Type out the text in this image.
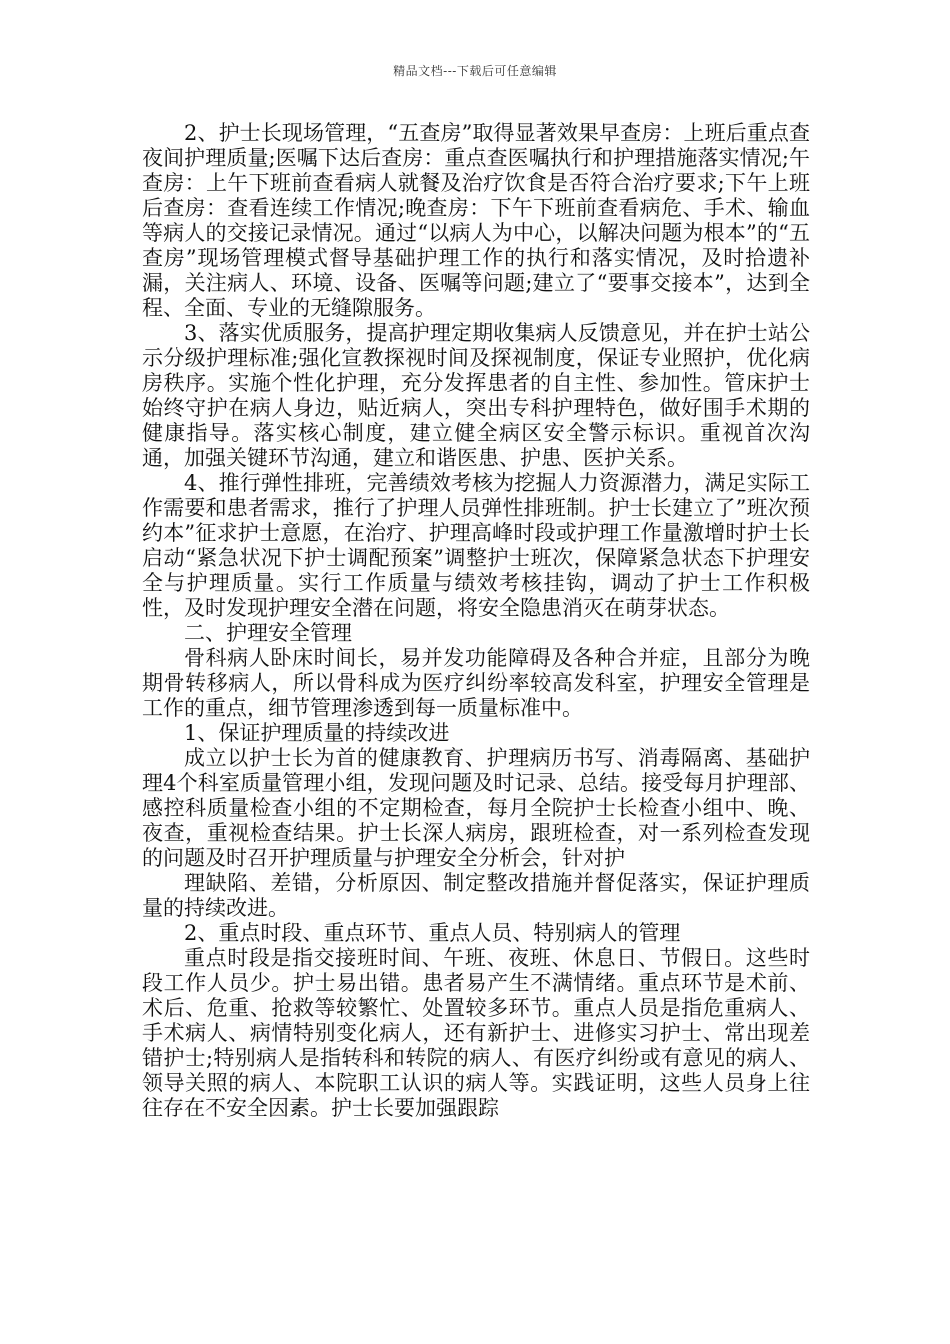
精品文档---下载后可任意编辑

2、护士长现场管理，“五查房”取得显著效果早查房：上班后重点查夜间护理质量;医嘱下达后查房：重点查医嘱执行和护理措施落实情况;午查房：上午下班前查看病人就餐及治疗饮食是否符合治疗要求;下午上班后查房：查看连续工作情况;晚查房：下午下班前查看病危、手术、输血等病人的交接记录情况。通过“以病人为中心，以解决问题为根本”的“五查房”现场管理模式督导基础护理工作的执行和落实情况，及时拾遗补漏，关注病人、环境、设备、医嘱等问题;建立了“要事交接本”，达到全程、全面、专业的无缝隙服务。

3、落实优质服务，提高护理定期收集病人反馈意见，并在护士站公示分级护理标准;强化宣教探视时间及探视制度，保证专业照护，优化病房秩序。实施个性化护理，充分发挥患者的自主性、参加性。管床护士始终守护在病人身边，贴近病人，突出专科护理特色，做好围手术期的健康指导。落实核心制度，建立健全病区安全警示标识。重视首次沟通，加强关键环节沟通，建立和谐医患、护患、医护关系。

4、推行弹性排班，完善绩效考核为挖掘人力资源潜力，满足实际工作需要和患者需求，推行了护理人员弹性排班制。护士长建立了”班次预约本”征求护士意愿，在治疗、护理高峰时段或护理工作量激增时护士长启动“紧急状况下护士调配预案”调整护士班次，保障紧急状态下护理安全与护理质量。实行工作质量与绩效考核挂钩，调动了护士工作积极性，及时发现护理安全潜在问题，将安全隐患消灭在萌芽状态。

二、护理安全管理

骨科病人卧床时间长，易并发功能障碍及各种合并症，且部分为晚期骨转移病人，所以骨科成为医疗纠纷率较高发科室，护理安全管理是工作的重点，细节管理渗透到每一质量标准中。

1、保证护理质量的持续改进

成立以护士长为首的健康教育、护理病历书写、消毒隔离、基础护理4个科室质量管理小组，发现问题及时记录、总结。接受每月护理部、感控科质量检查小组的不定期检查，每月全院护士长检查小组中、晚、夜查，重视检查结果。护士长深人病房，跟班检查，对一系列检查发现的问题及时召开护理质量与护理安全分析会，针对护

理缺陷、差错，分析原因、制定整改措施并督促落实，保证护理质量的持续改进。

2、重点时段、重点环节、重点人员、特别病人的管理

重点时段是指交接班时间、午班、夜班、休息日、节假日。这些时段工作人员少。护士易出错。患者易产生不满情绪。重点环节是术前、术后、危重、抢救等较繁忙、处置较多环节。重点人员是指危重病人、手术病人、病情特别变化病人，还有新护士、进修实习护士、常出现差错护士;特别病人是指转科和转院的病人、有医疗纠纷或有意见的病人、领导关照的病人、本院职工认识的病人等。实践证明，这些人员身上往往存在不安全因素。护士长要加强跟踪
